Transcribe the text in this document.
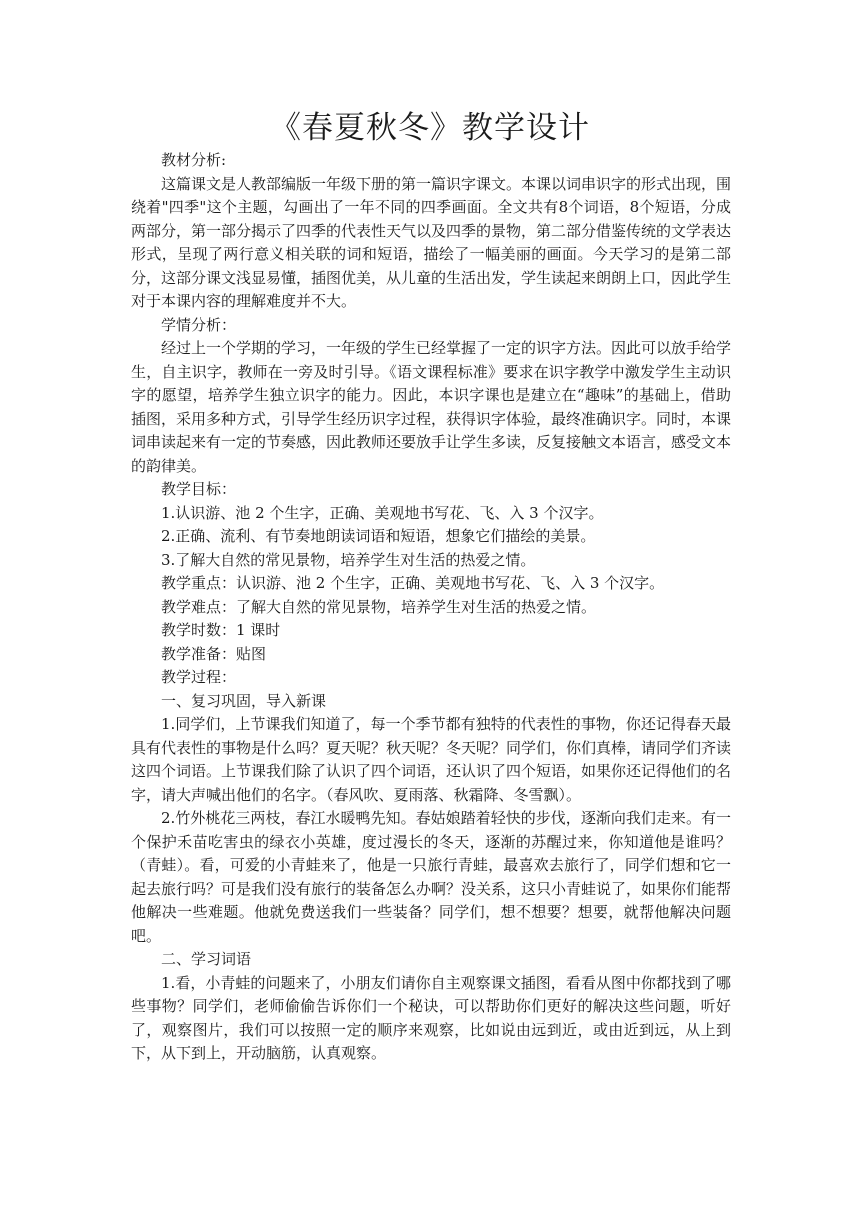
《春夏秋冬》教学设计

教材分析:

这篇课文是人教部编版一年级下册的第一篇识字课文。本课以词串识字的形式出现，围绕着"四季"这个主题，勾画出了一年不同的四季画面。全文共有8个词语，8个短语，分成两部分，第一部分揭示了四季的代表性天气以及四季的景物，第二部分借鉴传统的文学表达形式，呈现了两行意义相关联的词和短语，描绘了一幅美丽的画面。今天学习的是第二部分，这部分课文浅显易懂，插图优美，从儿童的生活出发，学生读起来朗朗上口，因此学生对于本课内容的理解难度并不大。

学情分析：

经过上一个学期的学习，一年级的学生已经掌握了一定的识字方法。因此可以放手给学生，自主识字，教师在一旁及时引导。《语文课程标准》要求在识字教学中激发学生主动识字的愿望，培养学生独立识字的能力。因此，本识字课也是建立在“趣味”的基础上，借助插图，采用多种方式，引导学生经历识字过程，获得识字体验，最终准确识字。同时，本课词串读起来有一定的节奏感，因此教师还要放手让学生多读，反复接触文本语言，感受文本的韵律美。

教学目标：

1.认识游、池 2 个生字，正确、美观地书写花、飞、入 3 个汉字。

2.正确、流利、有节奏地朗读词语和短语，想象它们描绘的美景。

3.了解大自然的常见景物，培养学生对生活的热爱之情。

教学重点：认识游、池 2 个生字，正确、美观地书写花、飞、入 3 个汉字。

教学难点：了解大自然的常见景物，培养学生对生活的热爱之情。

教学时数：1 课时

教学准备：贴图

教学过程：

一、复习巩固，导入新课

1.同学们，上节课我们知道了，每一个季节都有独特的代表性的事物，你还记得春天最具有代表性的事物是什么吗？夏天呢？秋天呢？冬天呢？同学们，你们真棒，请同学们齐读这四个词语。上节课我们除了认识了四个词语，还认识了四个短语，如果你还记得他们的名字，请大声喊出他们的名字。（春风吹、夏雨落、秋霜降、冬雪飘）。

2.竹外桃花三两枝，春江水暖鸭先知。春姑娘踏着轻快的步伐，逐渐向我们走来。有一个保护禾苗吃害虫的绿衣小英雄，度过漫长的冬天，逐渐的苏醒过来，你知道他是谁吗？（青蛙）。看，可爱的小青蛙来了，他是一只旅行青蛙，最喜欢去旅行了，同学们想和它一起去旅行吗？可是我们没有旅行的装备怎么办啊？没关系，这只小青蛙说了，如果你们能帮他解决一些难题。他就免费送我们一些装备？同学们，想不想要？想要，就帮他解决问题吧。

二、学习词语

1.看，小青蛙的问题来了，小朋友们请你自主观察课文插图，看看从图中你都找到了哪些事物？同学们，老师偷偷告诉你们一个秘诀，可以帮助你们更好的解决这些问题，听好了，观察图片，我们可以按照一定的顺序来观察，比如说由远到近，或由近到远，从上到下，从下到上，开动脑筋，认真观察。
